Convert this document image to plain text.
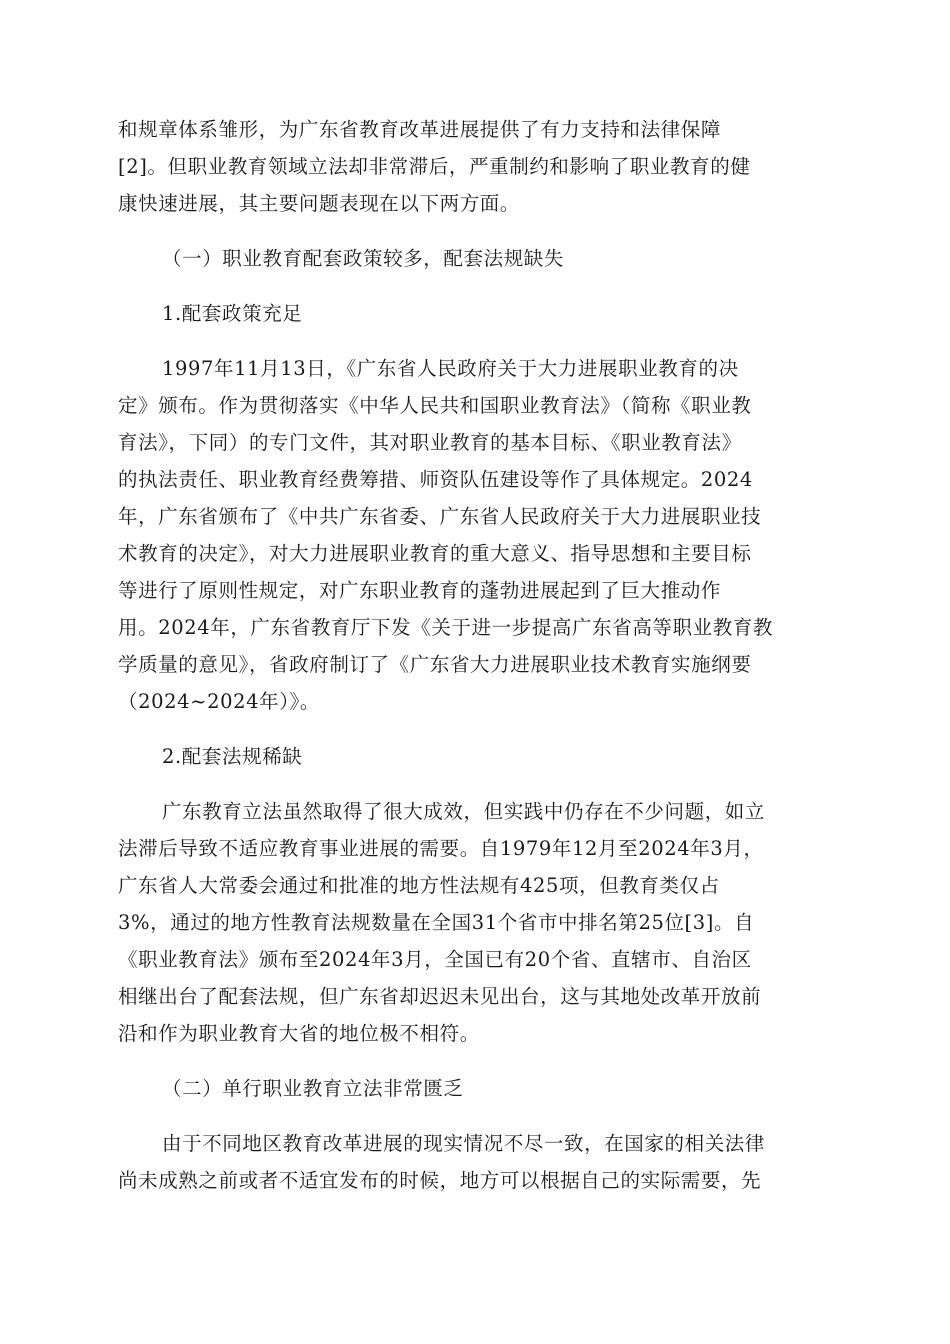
和规章体系雏形，为广东省教育改革进展提供了有力支持和法律保障
[2]。但职业教育领域立法却非常滞后，严重制约和影响了职业教育的健
康快速进展，其主要问题表现在以下两方面。
（一）职业教育配套政策较多，配套法规缺失
1.配套政策充足
1997年11月13日，《广东省人民政府关于大力进展职业教育的决
定》颁布。作为贯彻落实《中华人民共和国职业教育法》（简称《职业教
育法》，下同）的专门文件，其对职业教育的基本目标、《职业教育法》
的执法责任、职业教育经费筹措、师资队伍建设等作了具体规定。2024
年，广东省颁布了《中共广东省委、广东省人民政府关于大力进展职业技
术教育的决定》，对大力进展职业教育的重大意义、指导思想和主要目标
等进行了原则性规定，对广东职业教育的蓬勃进展起到了巨大推动作
用。2024年，广东省教育厅下发《关于进一步提高广东省高等职业教育教
学质量的意见》，省政府制订了《广东省大力进展职业技术教育实施纲要
（2024~2024年）》。
2.配套法规稀缺
广东教育立法虽然取得了很大成效，但实践中仍存在不少问题，如立
法滞后导致不适应教育事业进展的需要。自1979年12月至2024年3月，
广东省人大常委会通过和批准的地方性法规有425项，但教育类仅占
3%，通过的地方性教育法规数量在全国31个省市中排名第25位[3]。自
《职业教育法》颁布至2024年3月，全国已有20个省、直辖市、自治区
相继出台了配套法规，但广东省却迟迟未见出台，这与其地处改革开放前
沿和作为职业教育大省的地位极不相符。
（二）单行职业教育立法非常匮乏
由于不同地区教育改革进展的现实情况不尽一致，在国家的相关法律
尚未成熟之前或者不适宜发布的时候，地方可以根据自己的实际需要，先
